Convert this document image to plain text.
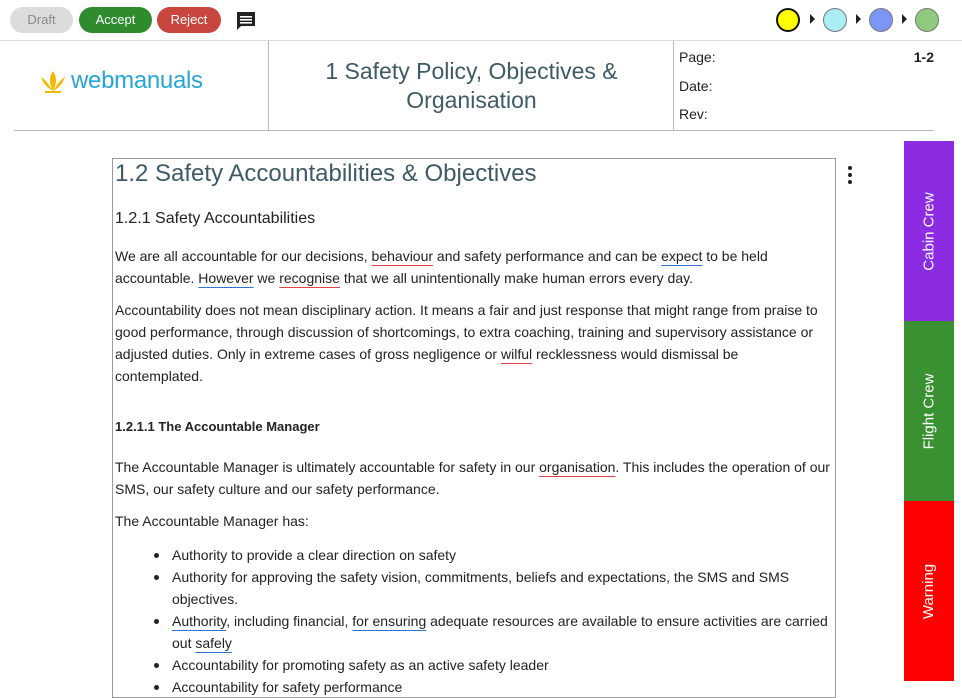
Draft	Accept	Reject
webmanuals	1 Safety Policy, Objectives & Organisation
Page:	1-2
Date:
Rev:
1.2 Safety Accountabilities & Objectives
1.2.1 Safety Accountabilities
We are all accountable for our decisions, behaviour and safety performance and can be expect to be held accountable. However we recognise that we all unintentionally make human errors every day.
Accountability does not mean disciplinary action. It means a fair and just response that might range from praise to good performance, through discussion of shortcomings, to extra coaching, training and supervisory assistance or adjusted duties. Only in extreme cases of gross negligence or wilful recklessness would dismissal be contemplated.
1.2.1.1 The Accountable Manager
The Accountable Manager is ultimately accountable for safety in our organisation. This includes the operation of our SMS, our safety culture and our safety performance.
The Accountable Manager has:
Authority to provide a clear direction on safety
Authority for approving the safety vision, commitments, beliefs and expectations, the SMS and SMS objectives.
Authority, including financial, for ensuring adequate resources are available to ensure activities are carried out safely
Accountability for promoting safety as an active safety leader
Accountability for safety performance
Cabin Crew
Flight Crew
Warning
